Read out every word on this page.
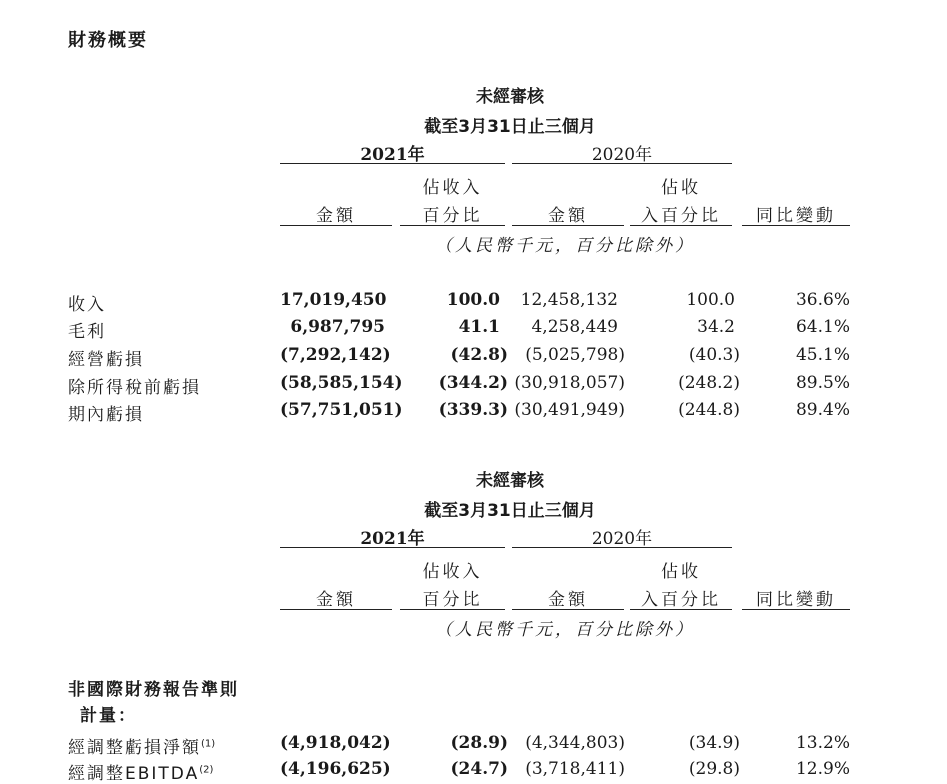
財務概要
未經審核
截至3月31日止三個月
2021年	2020年
佔收入	佔收
金額	百分比	金額	入百分比	同比變動
（人民幣千元，百分比除外）
收入	17,019,450	100.0	12,458,132	100.0	36.6%
毛利	6,987,795	41.1	4,258,449	34.2	64.1%
經營虧損	(7,292,142)	(42.8)	(5,025,798)	(40.3)	45.1%
除所得稅前虧損	(58,585,154)	(344.2) (30,918,057)	(248.2)	89.5%
期內虧損	(57,751,051)	(339.3) (30,491,949)	(244.8)	89.4%
未經審核
截至3月31日止三個月
2021年	2020年
佔收入	佔收
金額	百分比	金額	入百分比	同比變動
（人民幣千元，百分比除外）
非國際財務報告準則
計量：
經調整虧損淨額$^{(1)}$	(4,918,042)	(28.9)	(4,344,803)	(34.9)	13.2%
經調整EBITDA$^{(2)}$	(4,196,625)	(24.7)	(3,718,411)	(29.8)	12.9%
